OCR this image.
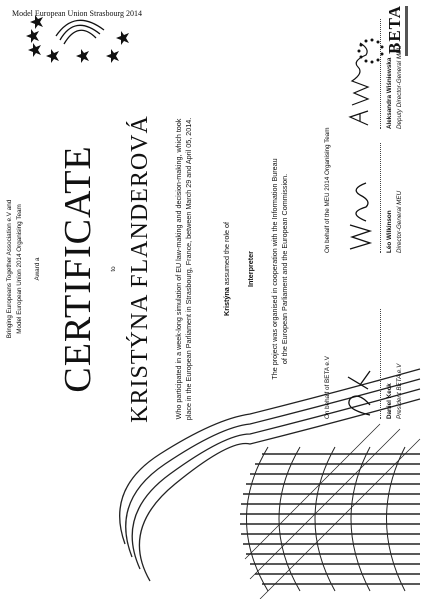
BETA
Model European Union Strasbourg 2014
Bringing Europeans Together Association e.V and Model European Union 2014 Organising Team Award a CERTIFICATE to KRISTÝNA FLANDEROVÁ	Who participated in a week-long simulation of EU law-making and decision-making, which took place in the European Parliament in Strasbourg, France, between March 29 and April 05, 2014.	Kristýna assumed the role of Interpreter The project was organised in cooperation with the Information Bureau of the European Parliament and the European Commission.
On behalf of BETA e.V	Daniel Keck President BETA e.V
On behalf of the MEU 2014 Organising Team	Léo Wilkinson Director-General MEU
Aleksandra Wiśniewska Deputy Director-General MEU
